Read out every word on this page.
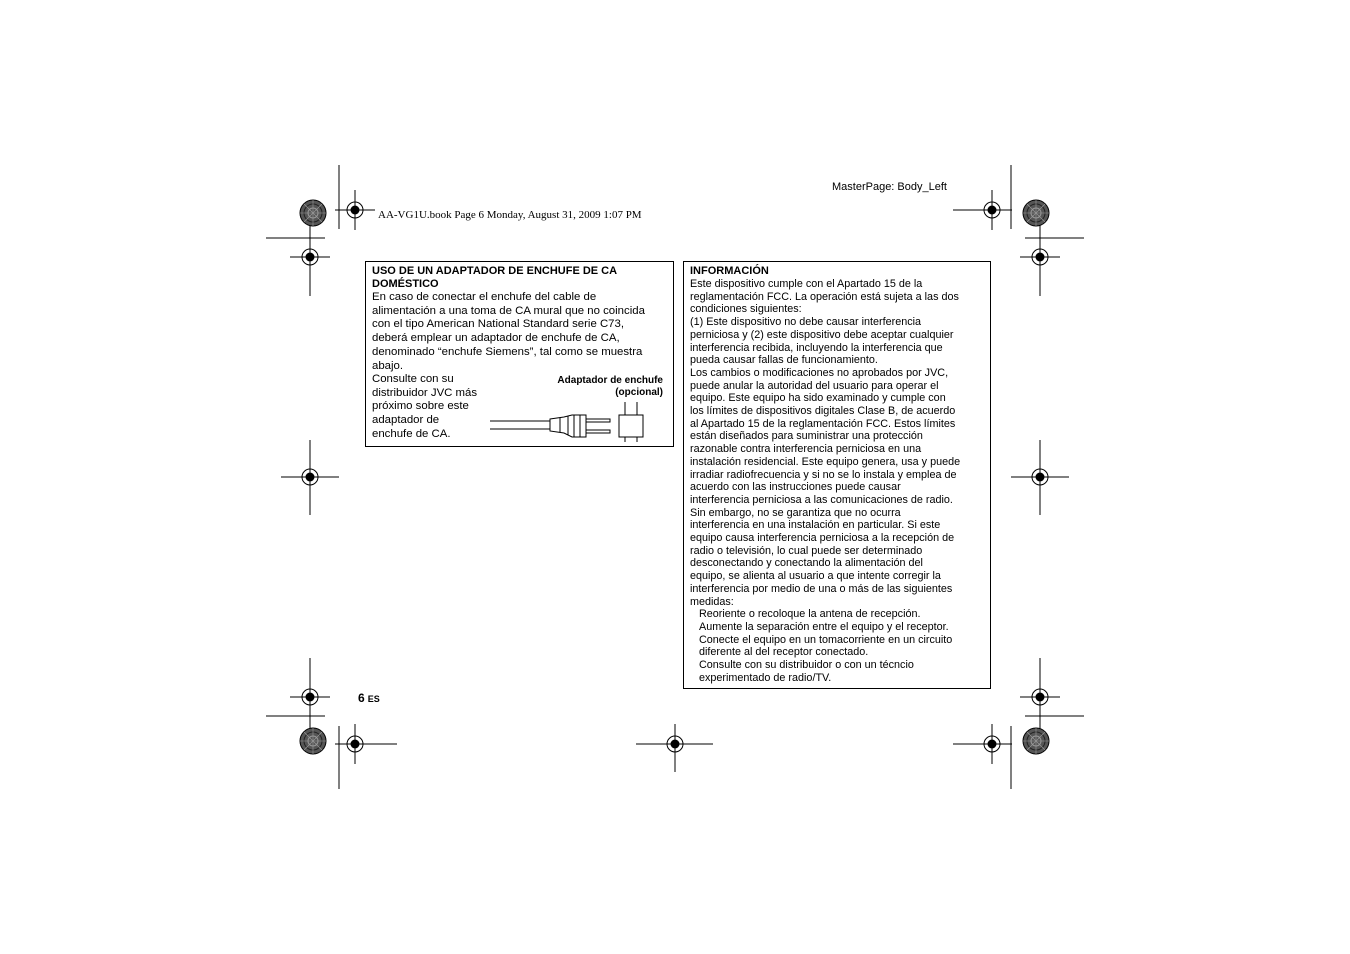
MasterPage: Body_Left
AA-VG1U.book Page 6 Monday, August 31, 2009 1:07 PM
USO DE UN ADAPTADOR DE ENCHUFE DE CA
DOMÉSTICO
En caso de conectar el enchufe del cable de
alimentación a una toma de CA mural que no coincida
con el tipo American National Standard serie C73,
deberá emplear un adaptador de enchufe de CA,
denominado “enchufe Siemens”, tal como se muestra
abajo.
Consulte con su
distribuidor JVC más
próximo sobre este
adaptador de
enchufe de CA.
Adaptador de enchufe
(opcional)
INFORMACIÓN
Este dispositivo cumple con el Apartado 15 de la
reglamentación FCC. La operación está sujeta a las dos
condiciones siguientes:
(1) Este dispositivo no debe causar interferencia
perniciosa y (2) este dispositivo debe aceptar cualquier
interferencia recibida, incluyendo la interferencia que
pueda causar fallas de funcionamiento.
Los cambios o modificaciones no aprobados por JVC,
puede anular la autoridad del usuario para operar el
equipo. Este equipo ha sido examinado y cumple con
los límites de dispositivos digitales Clase B, de acuerdo
al Apartado 15 de la reglamentación FCC. Estos límites
están diseñados para suministrar una protección
razonable contra interferencia perniciosa en una
instalación residencial. Este equipo genera, usa y puede
irradiar radiofrecuencia y si no se lo instala y emplea de
acuerdo con las instrucciones puede causar
interferencia perniciosa a las comunicaciones de radio.
Sin embargo, no se garantiza que no ocurra
interferencia en una instalación en particular. Si este
equipo causa interferencia perniciosa a la recepción de
radio o televisión, lo cual puede ser determinado
desconectando y conectando la alimentación del
equipo, se alienta al usuario a que intente corregir la
interferencia por medio de una o más de las siguientes
medidas:
Reoriente o recoloque la antena de recepción.
Aumente la separación entre el equipo y el receptor.
Conecte el equipo en un tomacorriente en un circuito
diferente al del receptor conectado.
Consulte con su distribuidor o con un técncio
experimentado de radio/TV.
6 ES
